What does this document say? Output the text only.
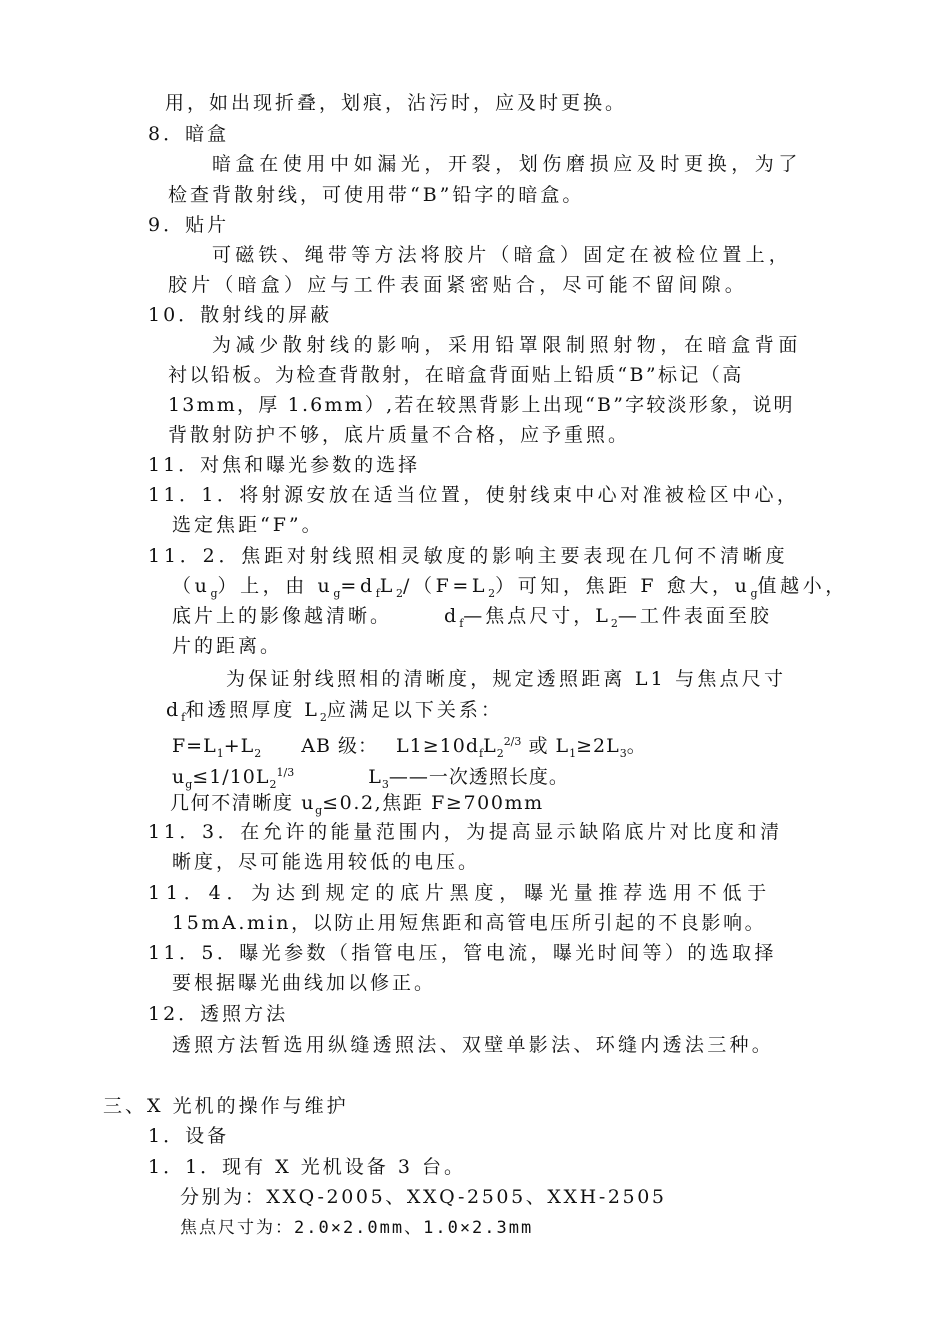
用，如出现折叠，划痕，沾污时，应及时更换。
8．暗盒
暗盒在使用中如漏光，开裂，划伤磨损应及时更换，为了
检查背散射线，可使用带“B”铅字的暗盒。
9．贴片
可磁铁、绳带等方法将胶片（暗盒）固定在被检位置上，
胶片（暗盒）应与工件表面紧密贴合，尽可能不留间隙。
10．散射线的屏蔽
为减少散射线的影响，采用铅罩限制照射物，在暗盒背面
衬以铅板。为检查背散射，在暗盒背面贴上铅质“B”标记（高
13mm，厚 1.6mm）,若在较黑背影上出现“B”字较淡形象，说明
背散射防护不够，底片质量不合格，应予重照。
11．对焦和曝光参数的选择
11．1．将射源安放在适当位置，使射线束中心对准被检区中心，
选定焦距“F”。
11．2．焦距对射线照相灵敏度的影响主要表现在几何不清晰度
$(u_g)$上，由 $u_g=d_fL_2/(F=L_2)$可知，焦距 F 愈大，$u_g$值越小，
底片上的影像越清晰。	$d_f—$焦点尺寸，$L_2—$工件表面至胶
片的距离。
为保证射线照相的清晰度，规定透照距离 L1 与焦点尺寸
$d_f$和透照厚度 $L_2$应满足以下关系：
$F=L_1+L_2$ AB 级： $L1\ge 10d_fL_2^{2/3}$ 或 $L_1\ge 2L_3$。
$u_g\le 1/10L_2^{1/3}$	$L_3——$一次透照长度。
几何不清晰度 $u_g\le 0.2$,焦距 F≥700mm
11．3．在允许的能量范围内，为提高显示缺陷底片对比度和清
晰度，尽可能选用较低的电压。
11．4．为达到规定的底片黑度，曝光量推荐选用不低于
15mA.min，以防止用短焦距和高管电压所引起的不良影响。
11．5．曝光参数（指管电压，管电流，曝光时间等）的选取择
要根据曝光曲线加以修正。
12．透照方法
透照方法暂选用纵缝透照法、双壁单影法、环缝内透法三种。
三、X 光机的操作与维护
1．设备
1．1．现有 X 光机设备 3 台。
分别为：XXQ-2005、XXQ-2505、XXH-2505
焦点尺寸为：2.0×2.0mm、1.0×2.3mm
